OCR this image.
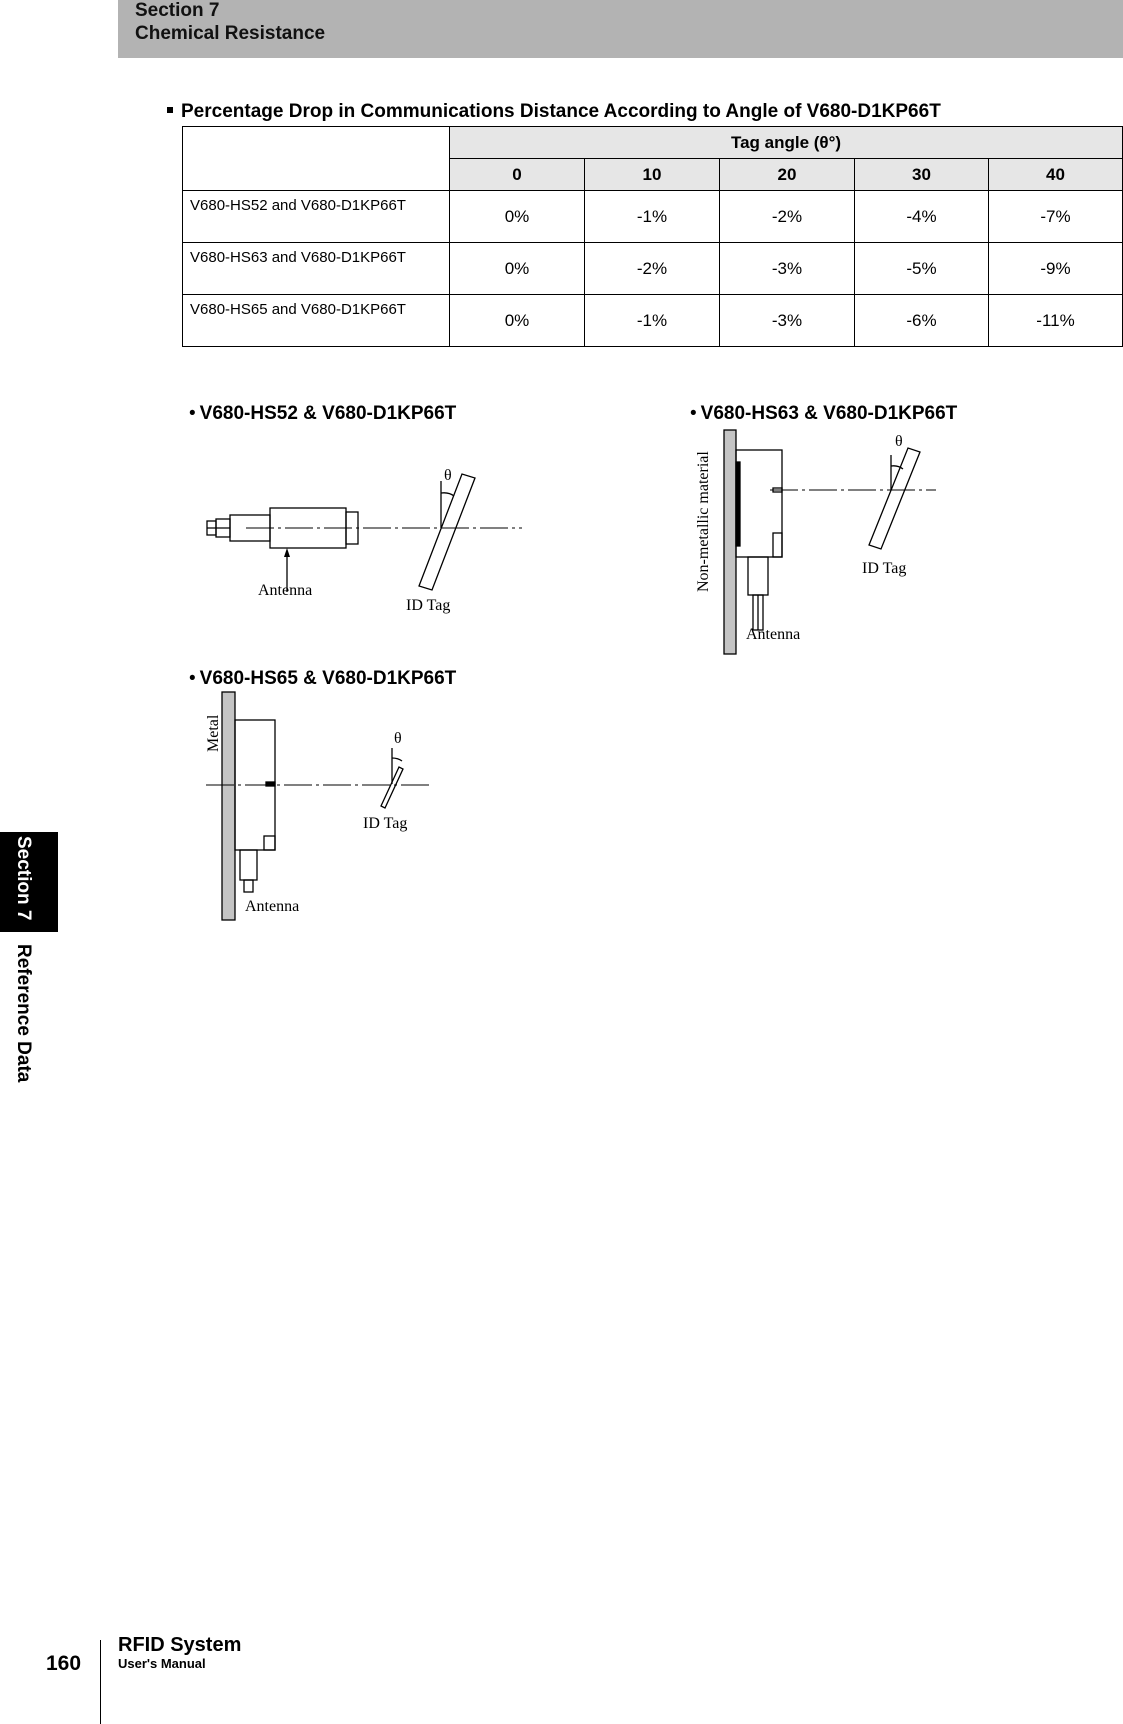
Section 7
Chemical Resistance
Section 7Reference Data
Percentage Drop in Communications Distance According to Angle of V680-D1KP66T
	Tag angle (θ°)				
	0	10	20	30	40
V680-HS52 and V680-D1KP66T	0%	-1%	-2%	-4%	-7%
V680-HS63 and V680-D1KP66T	0%	-2%	-3%	-5%	-9%
V680-HS65 and V680-D1KP66T	0%	-1%	-3%	-6%	-11%
• V680-HS52 & V680-D1KP66T
θ
Antenna
ID Tag
• V680-HS63 & V680-D1KP66T
θ
ID Tag
Antenna
Non-metallic material
• V680-HS65 & V680-D1KP66T
θ
ID Tag
Antenna
Metal
160
RFID System
User's Manual
